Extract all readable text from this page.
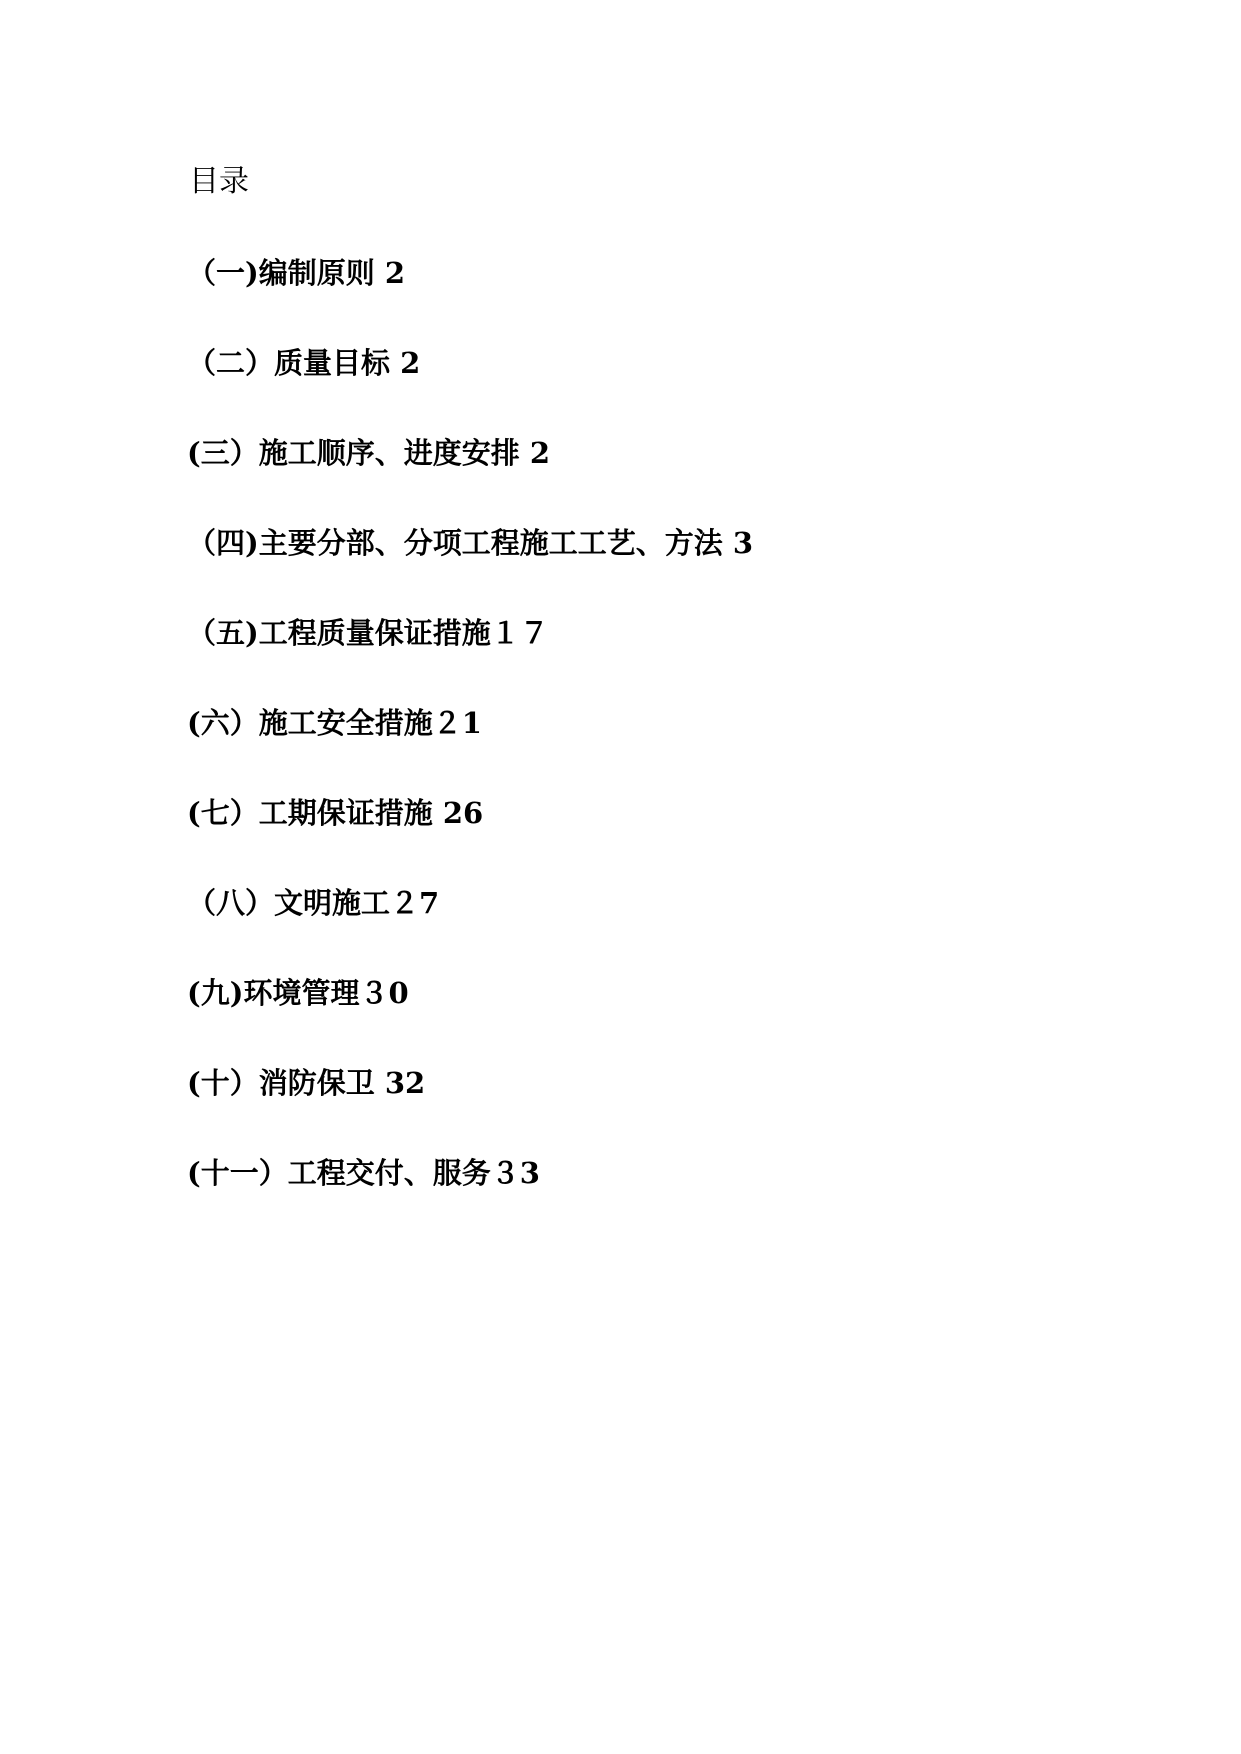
目录
（一)编制原则 2
（二）质量目标 2
(三）施工顺序、进度安排 2
（四)主要分部、分项工程施工工艺、方法 3
（五)工程质量保证措施１７
(六）施工安全措施２1
(七）工期保证措施 26
（八）文明施工２7
(九)环境管理３0
(十）消防保卫 32
(十一）工程交付、服务３3
